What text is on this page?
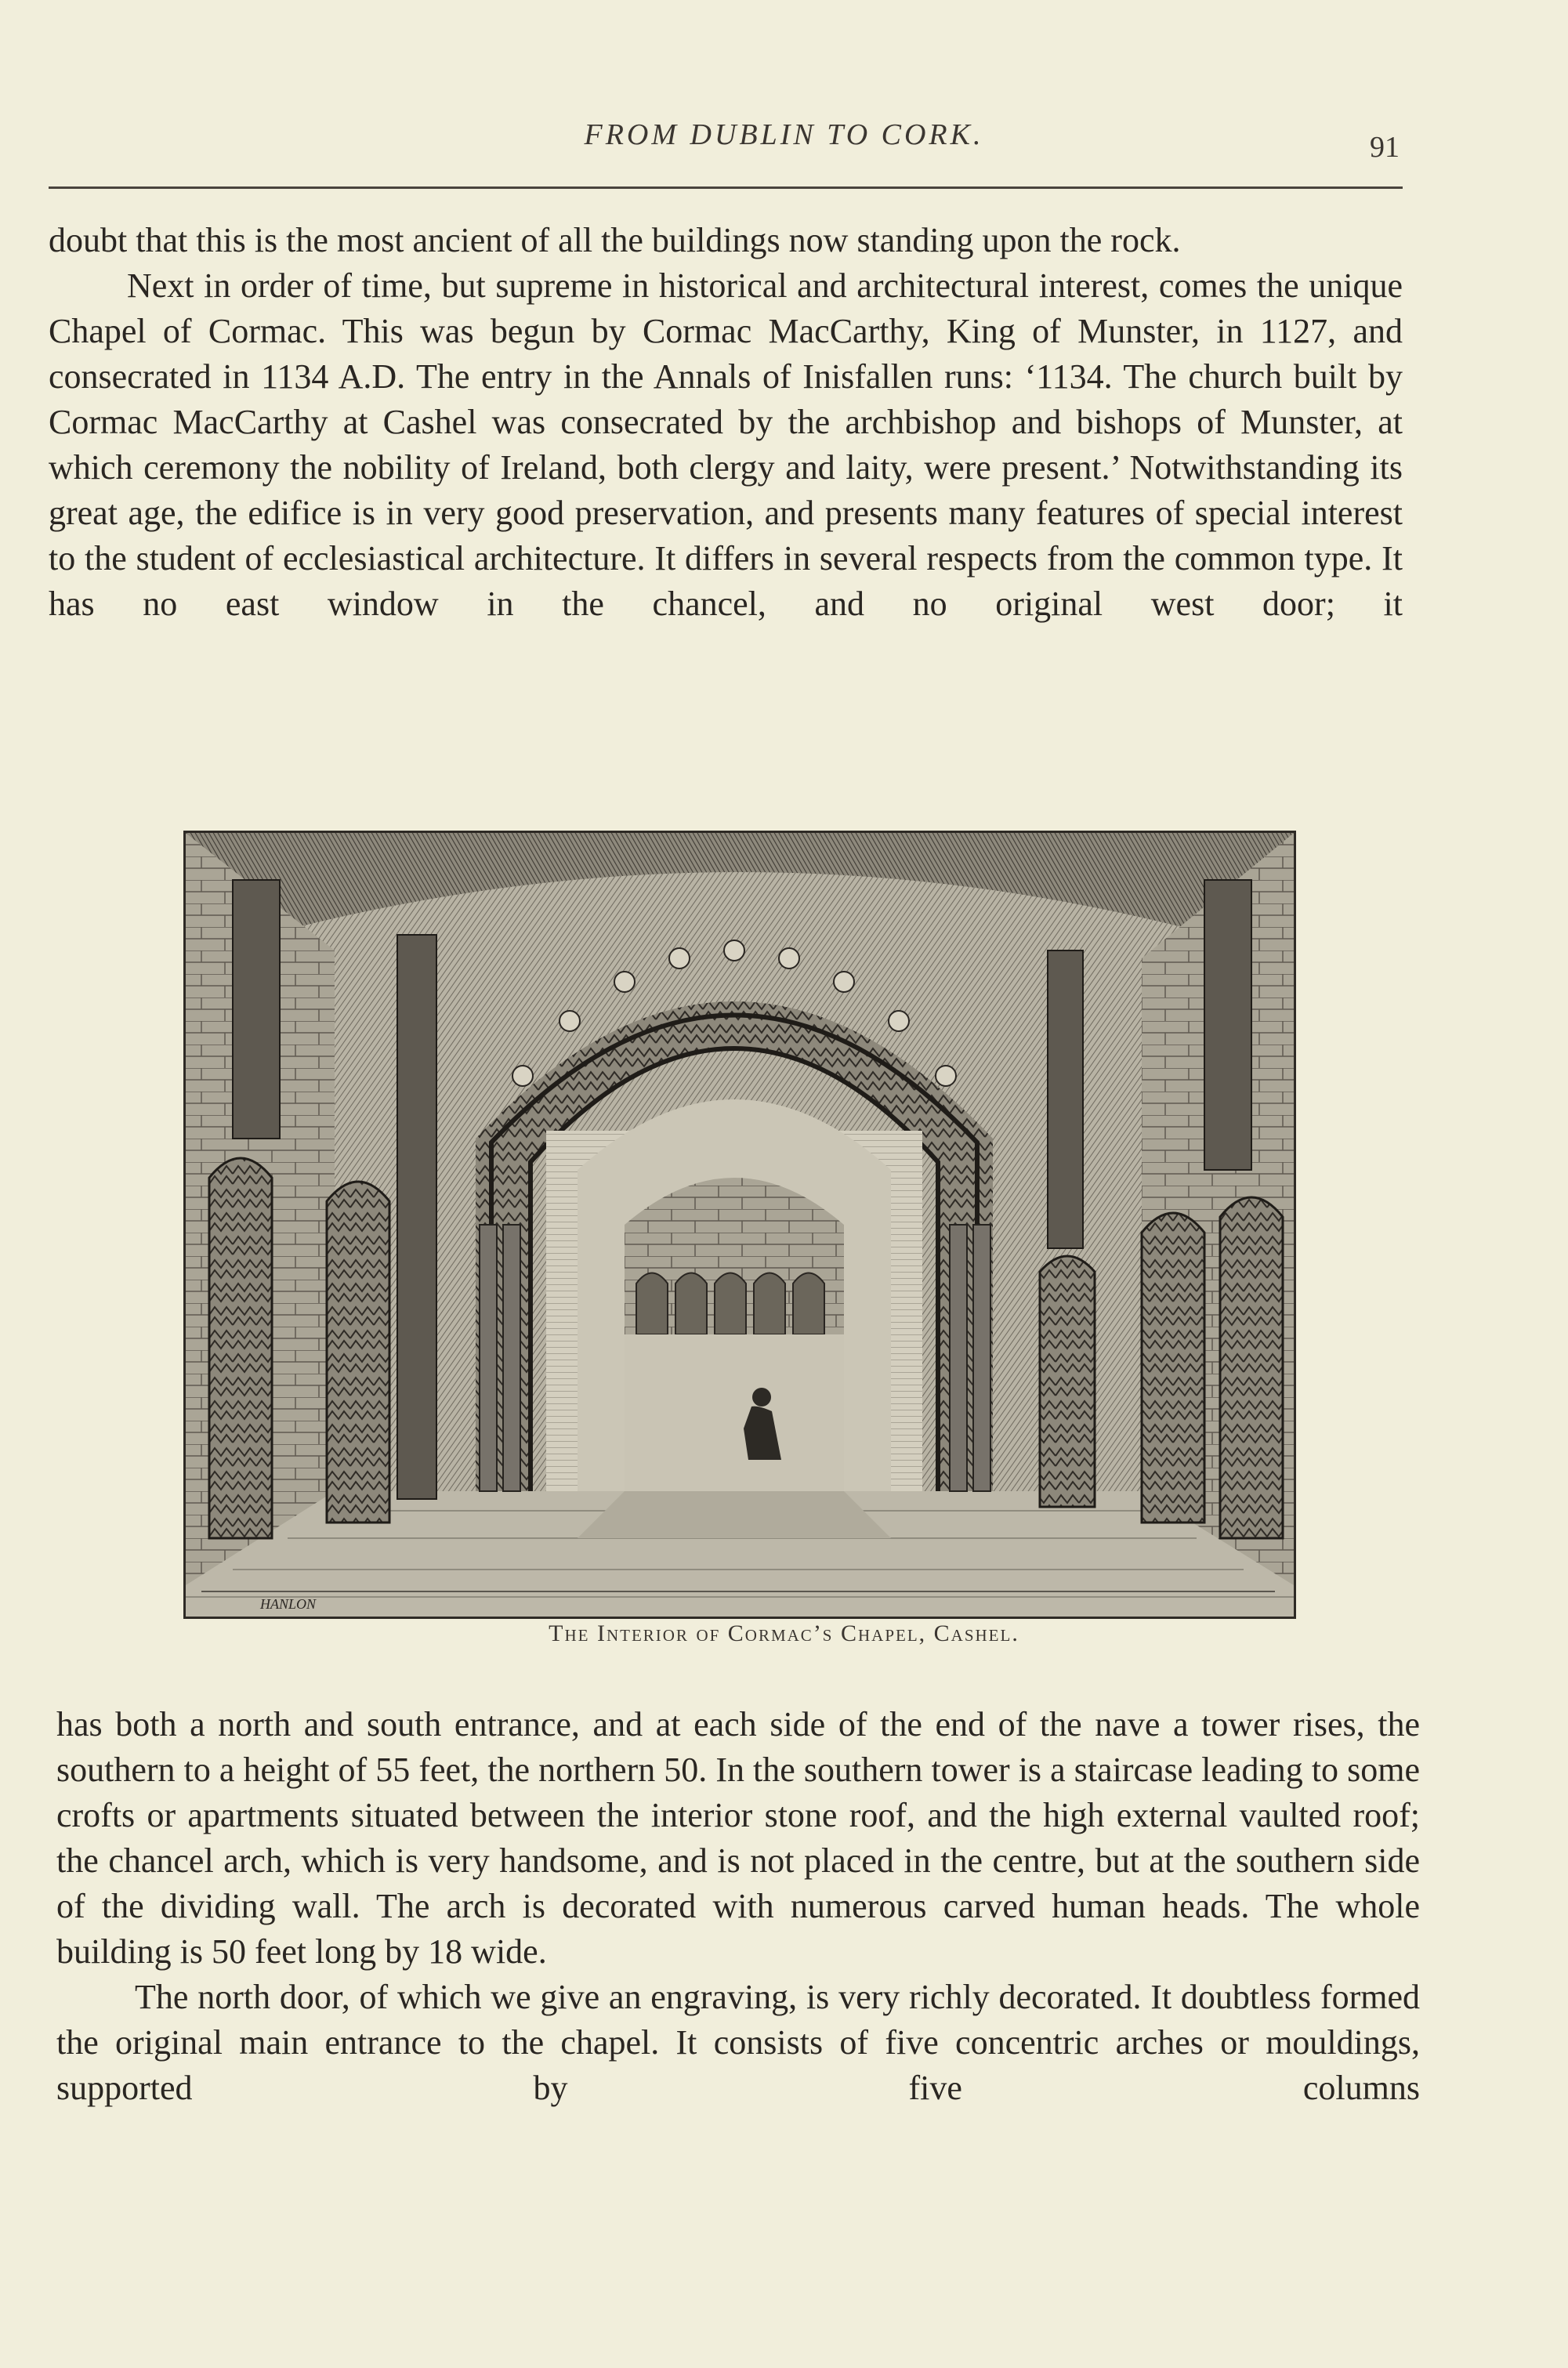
FROM DUBLIN TO CORK.	91

doubt that this is the most ancient of all the buildings now standing upon the rock.

Next in order of time, but supreme in historical and architectural interest, comes the unique Chapel of Cormac. This was begun by Cormac MacCarthy, King of Munster, in 1127, and consecrated in 1134 A.D. The entry in the Annals of Inisfallen runs: ‘1134. The church built by Cormac MacCarthy at Cashel was consecrated by the archbishop and bishops of Munster, at which ceremony the nobility of Ireland, both clergy and laity, were present.’ Notwithstanding its great age, the edifice is in very good preservation, and presents many features of special interest to the student of ecclesiastical architecture. It differs in several respects from the common type. It has no east window in the chancel, and no original west door; it

HANLON
The Interior of Cormac’s Chapel, Cashel.

has both a north and south entrance, and at each side of the end of the nave a tower rises, the southern to a height of 55 feet, the northern 50. In the southern tower is a staircase leading to some crofts or apartments situated between the interior stone roof, and the high external vaulted roof; the chancel arch, which is very handsome, and is not placed in the centre, but at the southern side of the dividing wall. The arch is decorated with numerous carved human heads. The whole building is 50 feet long by 18 wide.

The north door, of which we give an engraving, is very richly decorated. It doubtless formed the original main entrance to the chapel. It consists of five concentric arches or mouldings, supported by five columns
